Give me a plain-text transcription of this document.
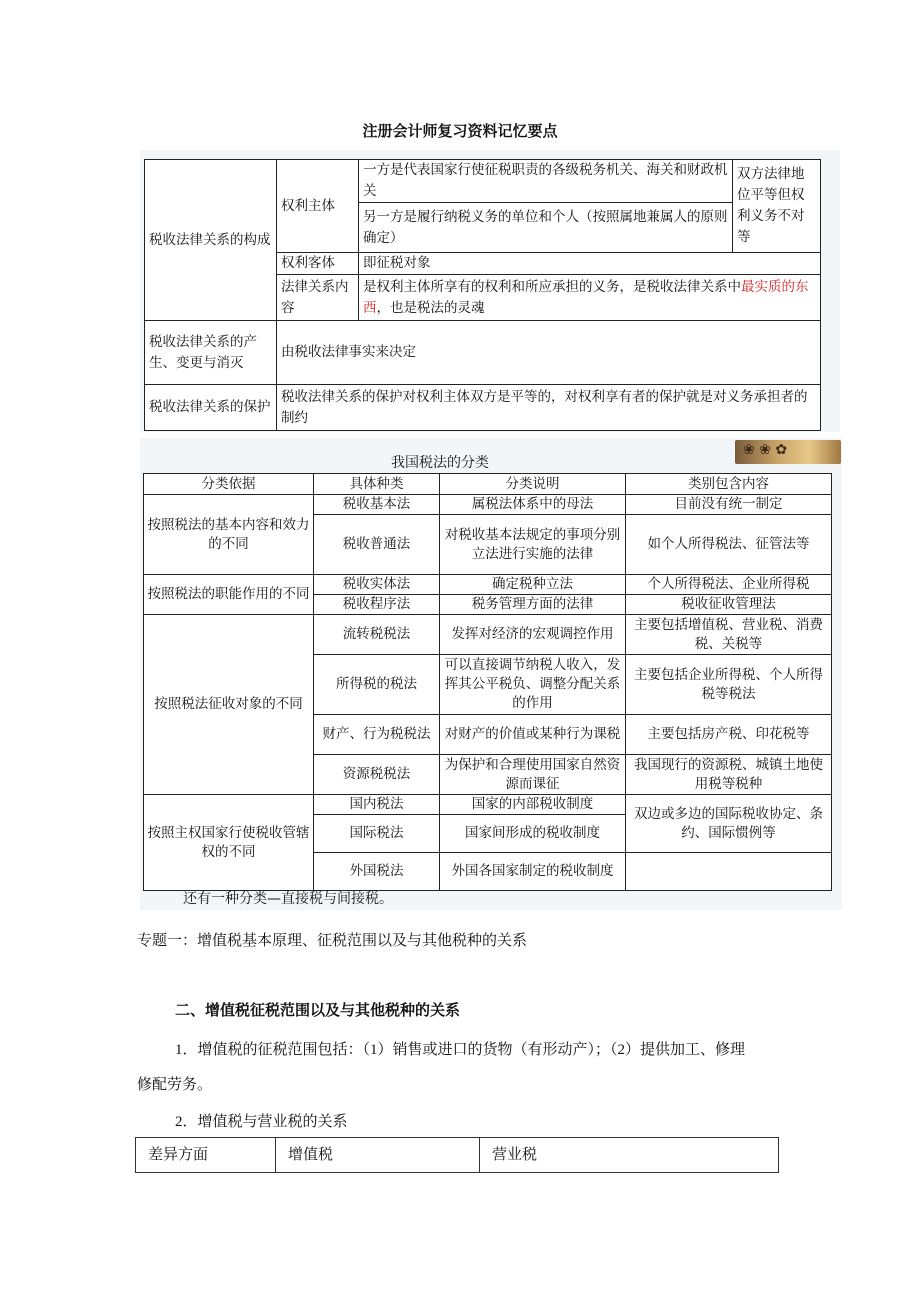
注册会计师复习资料记忆要点
税收法律关系的构成	权利主体	一方是代表国家行使征税职责的各级税务机关、海关和财政机关	双方法律地位平等但权利义务不对等
		另一方是履行纳税义务的单位和个人（按照属地兼属人的原则确定）	
	权利客体	即征税对象	
	法律关系内容	是权利主体所享有的权利和所应承担的义务，是税收法律关系中最实质的东西，也是税法的灵魂	
税收法律关系的产生、变更与消灭	由税收法律事实来决定		
税收法律关系的保护	税收法律关系的保护对权利主体双方是平等的，对权利享有者的保护就是对义务承担者的制约		
❀ ❀ ✿
我国税法的分类
分类依据	具体种类	分类说明	类别包含内容
按照税法的基本内容和效力的不同	税收基本法	属税法体系中的母法	目前没有统一制定
	税收普通法	对税收基本法规定的事项分别立法进行实施的法律	如个人所得税法、征管法等
按照税法的职能作用的不同	税收实体法	确定税种立法	个人所得税法、企业所得税
	税收程序法	税务管理方面的法律	税收征收管理法
按照税法征收对象的不同	流转税税法	发挥对经济的宏观调控作用	主要包括增值税、营业税、消费税、关税等
	所得税的税法	可以直接调节纳税人收入，发挥其公平税负、调整分配关系的作用	主要包括企业所得税、个人所得税等税法
	财产、行为税税法	对财产的价值或某种行为课税	主要包括房产税、印花税等
	资源税税法	为保护和合理使用国家自然资源而课征	我国现行的资源税、城镇土地使用税等税种
按照主权国家行使税收管辖权的不同	国内税法	国家的内部税收制度	双边或多边的国际税收协定、条约、国际惯例等
	国际税法	国家间形成的税收制度	
	外国税法	外国各国家制定的税收制度	
还有一种分类—直接税与间接税。
专题一：增值税基本原理、征税范围以及与其他税种的关系
二、增值税征税范围以及与其他税种的关系
1．增值税的征税范围包括：（1）销售或进口的货物（有形动产）；（2）提供加工、修理
修配劳务。
2．增值税与营业税的关系
差异方面	增值税	营业税
